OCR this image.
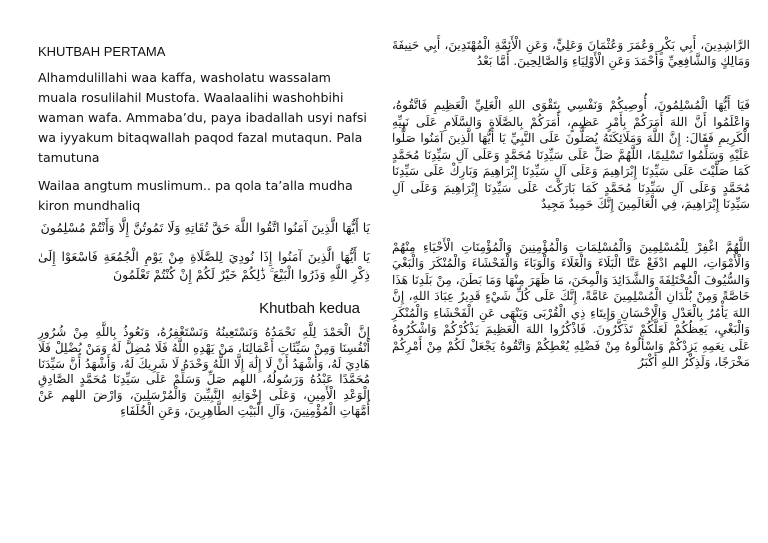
KHUTBAH PERTAMA

Alhamdulillahi waa kaffa, washolatu wassalam muala rosulilahil Mustofa. Waalaalihi washohbihi waman wafa. Ammaba’du, paya ibadallah usyi nafsi wa iyyakum bitaqwallah paqod fazal mutaqun. Pala tamutuna

Wailaa angtum muslimum.. pa qola ta’alla mudha kiron mundhaliq

يَا أَيُّهَا الَّذِينَ آمَنُوا اتَّقُوا اللَّهَ حَقَّ تُقَاتِهِ وَلَا تَمُوتُنَّ إِلَّا وَأَنْتُمْ مُسْلِمُونَ

يَا أَيُّهَا الَّذِينَ آمَنُوا إِذَا نُودِيَ لِلصَّلَاةِ مِنْ يَوْمِ الْجُمُعَةِ فَاسْعَوْا إِلَىٰ ذِكْرِ اللَّهِ وَذَرُوا الْبَيْعَ ۚ ذَٰلِكُمْ خَيْرٌ لَكُمْ إِنْ كُنْتُمْ تَعْلَمُونَ

Khutbah kedua

إِنَّ الْحَمْدَ لِلَّهِ نَحْمَدُهُ وَنَسْتَعِينُهُ وَنَسْتَغْفِرُهُ، وَنَعُوذُ بِاللَّهِ مِنْ شُرُورِ أَنْفُسِنَا وَمِنْ سَيِّئَاتِ أَعْمَالِنَا، مَنْ يَهْدِهِ اللَّهُ فَلَا مُضِلَّ لَهُ وَمَنْ يُضْلِلْ فَلَا هَادِيَ لَهُ، وَأَشْهَدُ أَنْ لَا إِلَٰهَ إِلَّا اللَّهُ وَحْدَهُ لَا شَرِيكَ لَهُ، وَأَشْهَدُ أَنَّ سَيِّدَنَا مُحَمَّدًا عَبْدُهُ وَرَسُولُهُ، اللهم صَلِّ وَسَلِّمْ عَلَى سَيِّدِنَا مُحَمَّدٍ الصَّادِقِ الْوَعْدِ الْأَمِينِ، وَعَلَى إِخْوَانِهِ النَّبِيِّينَ وَالْمُرْسَلِينَ، وَارْضَ اللهم عَنْ أُمَّهَاتِ الْمُؤْمِنِينَ، وَآلِ الْبَيْتِ الطَّاهِرِينَ، وَعَنِ الْخُلَفَاءِ

الرَّاشِدِينَ، أَبِي بَكْرٍ وَعُمَرَ وَعُثْمَانَ وَعَلِيٍّ، وَعَنِ الْأَئِمَّةِ الْمُهْتَدِينَ، أَبِي حَنِيفَةَ وَمَالِكٍ وَالشَّافِعِيِّ وَأَحْمَدَ وَعَنِ الْأَوْلِيَاءِ وَالصَّالِحِينَ. أَمَّا بَعْدُ

فَيَا أَيُّهَا الْمُسْلِمُونَ، أُوصِيكُمْ وَنَفْسِي بِتَقْوَى اللهِ الْعَلِيِّ الْعَظِيمِ فَاتَّقُوهُ، وَاعْلَمُوا أَنَّ اللهَ أَمَرَكُمْ بِأَمْرٍ عَظِيمٍ، أَمَرَكُمْ بِالصَّلَاةِ وَالسَّلَامِ عَلَى نَبِيِّهِ الْكَرِيمِ فَقَالَ: إِنَّ اللَّهَ وَمَلَائِكَتَهُ يُصَلُّونَ عَلَى النَّبِيِّ يَا أَيُّهَا الَّذِينَ آمَنُوا صَلُّوا عَلَيْهِ وَسَلِّمُوا تَسْلِيمًا، اللَّهُمَّ صَلِّ عَلَى سَيِّدِنَا مُحَمَّدٍ وَعَلَى آلِ سَيِّدِنَا مُحَمَّدٍ كَمَا صَلَّيْتَ عَلَى سَيِّدِنَا إِبْرَاهِيمَ وَعَلَى آلِ سَيِّدِنَا إِبْرَاهِيمَ وَبَارِكْ عَلَى سَيِّدِنَا مُحَمَّدٍ وَعَلَى آلِ سَيِّدِنَا مُحَمَّدٍ كَمَا بَارَكْتَ عَلَى سَيِّدِنَا إِبْرَاهِيمَ وَعَلَى آلِ سَيِّدِنَا إِبْرَاهِيمَ، فِي الْعَالَمِينَ إِنَّكَ حَمِيدٌ مَجِيدٌ

اللَّهُمَّ اغْفِرْ لِلْمُسْلِمِينَ وَالْمُسْلِمَاتِ وَالْمُؤْمِنِينَ وَالْمُؤْمِنَاتِ الْأَحْيَاءِ مِنْهُمْ وَالْأَمْوَاتِ، اللهم ادْفَعْ عَنَّا الْبَلَاءَ وَالْغَلَاءَ وَالْوَبَاءَ وَالْفَحْشَاءَ وَالْمُنْكَرَ وَالْبَغْيَ وَالسُّيُوفَ الْمُخْتَلِفَةَ وَالشَّدَائِدَ وَالْمِحَنَ، مَا ظَهَرَ مِنْهَا وَمَا بَطَنَ، مِنْ بَلَدِنَا هَذَا خَاصَّةً وَمِنْ بُلْدَانِ الْمُسْلِمِينَ عَامَّةً، إِنَّكَ عَلَى كُلِّ شَيْءٍ قَدِيرٌ عِبَادَ اللهِ، إِنَّ اللهَ يَأْمُرُ بِالْعَدْلِ وَالْإِحْسَانِ وَإِيتَاءِ ذِي الْقُرْبَى وَيَنْهَى عَنِ الْفَحْشَاءِ وَالْمُنْكَرِ وَالْبَغْيِ، يَعِظُكُمْ لَعَلَّكُمْ تَذَكَّرُونَ. فَاذْكُرُوا اللهَ الْعَظِيمَ يَذْكُرْكُمْ وَاشْكُرُوهُ عَلَى نِعَمِهِ يَزِدْكُمْ وَاسْأَلُوهُ مِنْ فَضْلِهِ يُعْطِكُمْ وَاتَّقُوهُ يَجْعَلْ لَكُمْ مِنْ أَمْرِكُمْ مَخْرَجًا، وَلَذِكْرُ اللهِ أَكْبَرُ
